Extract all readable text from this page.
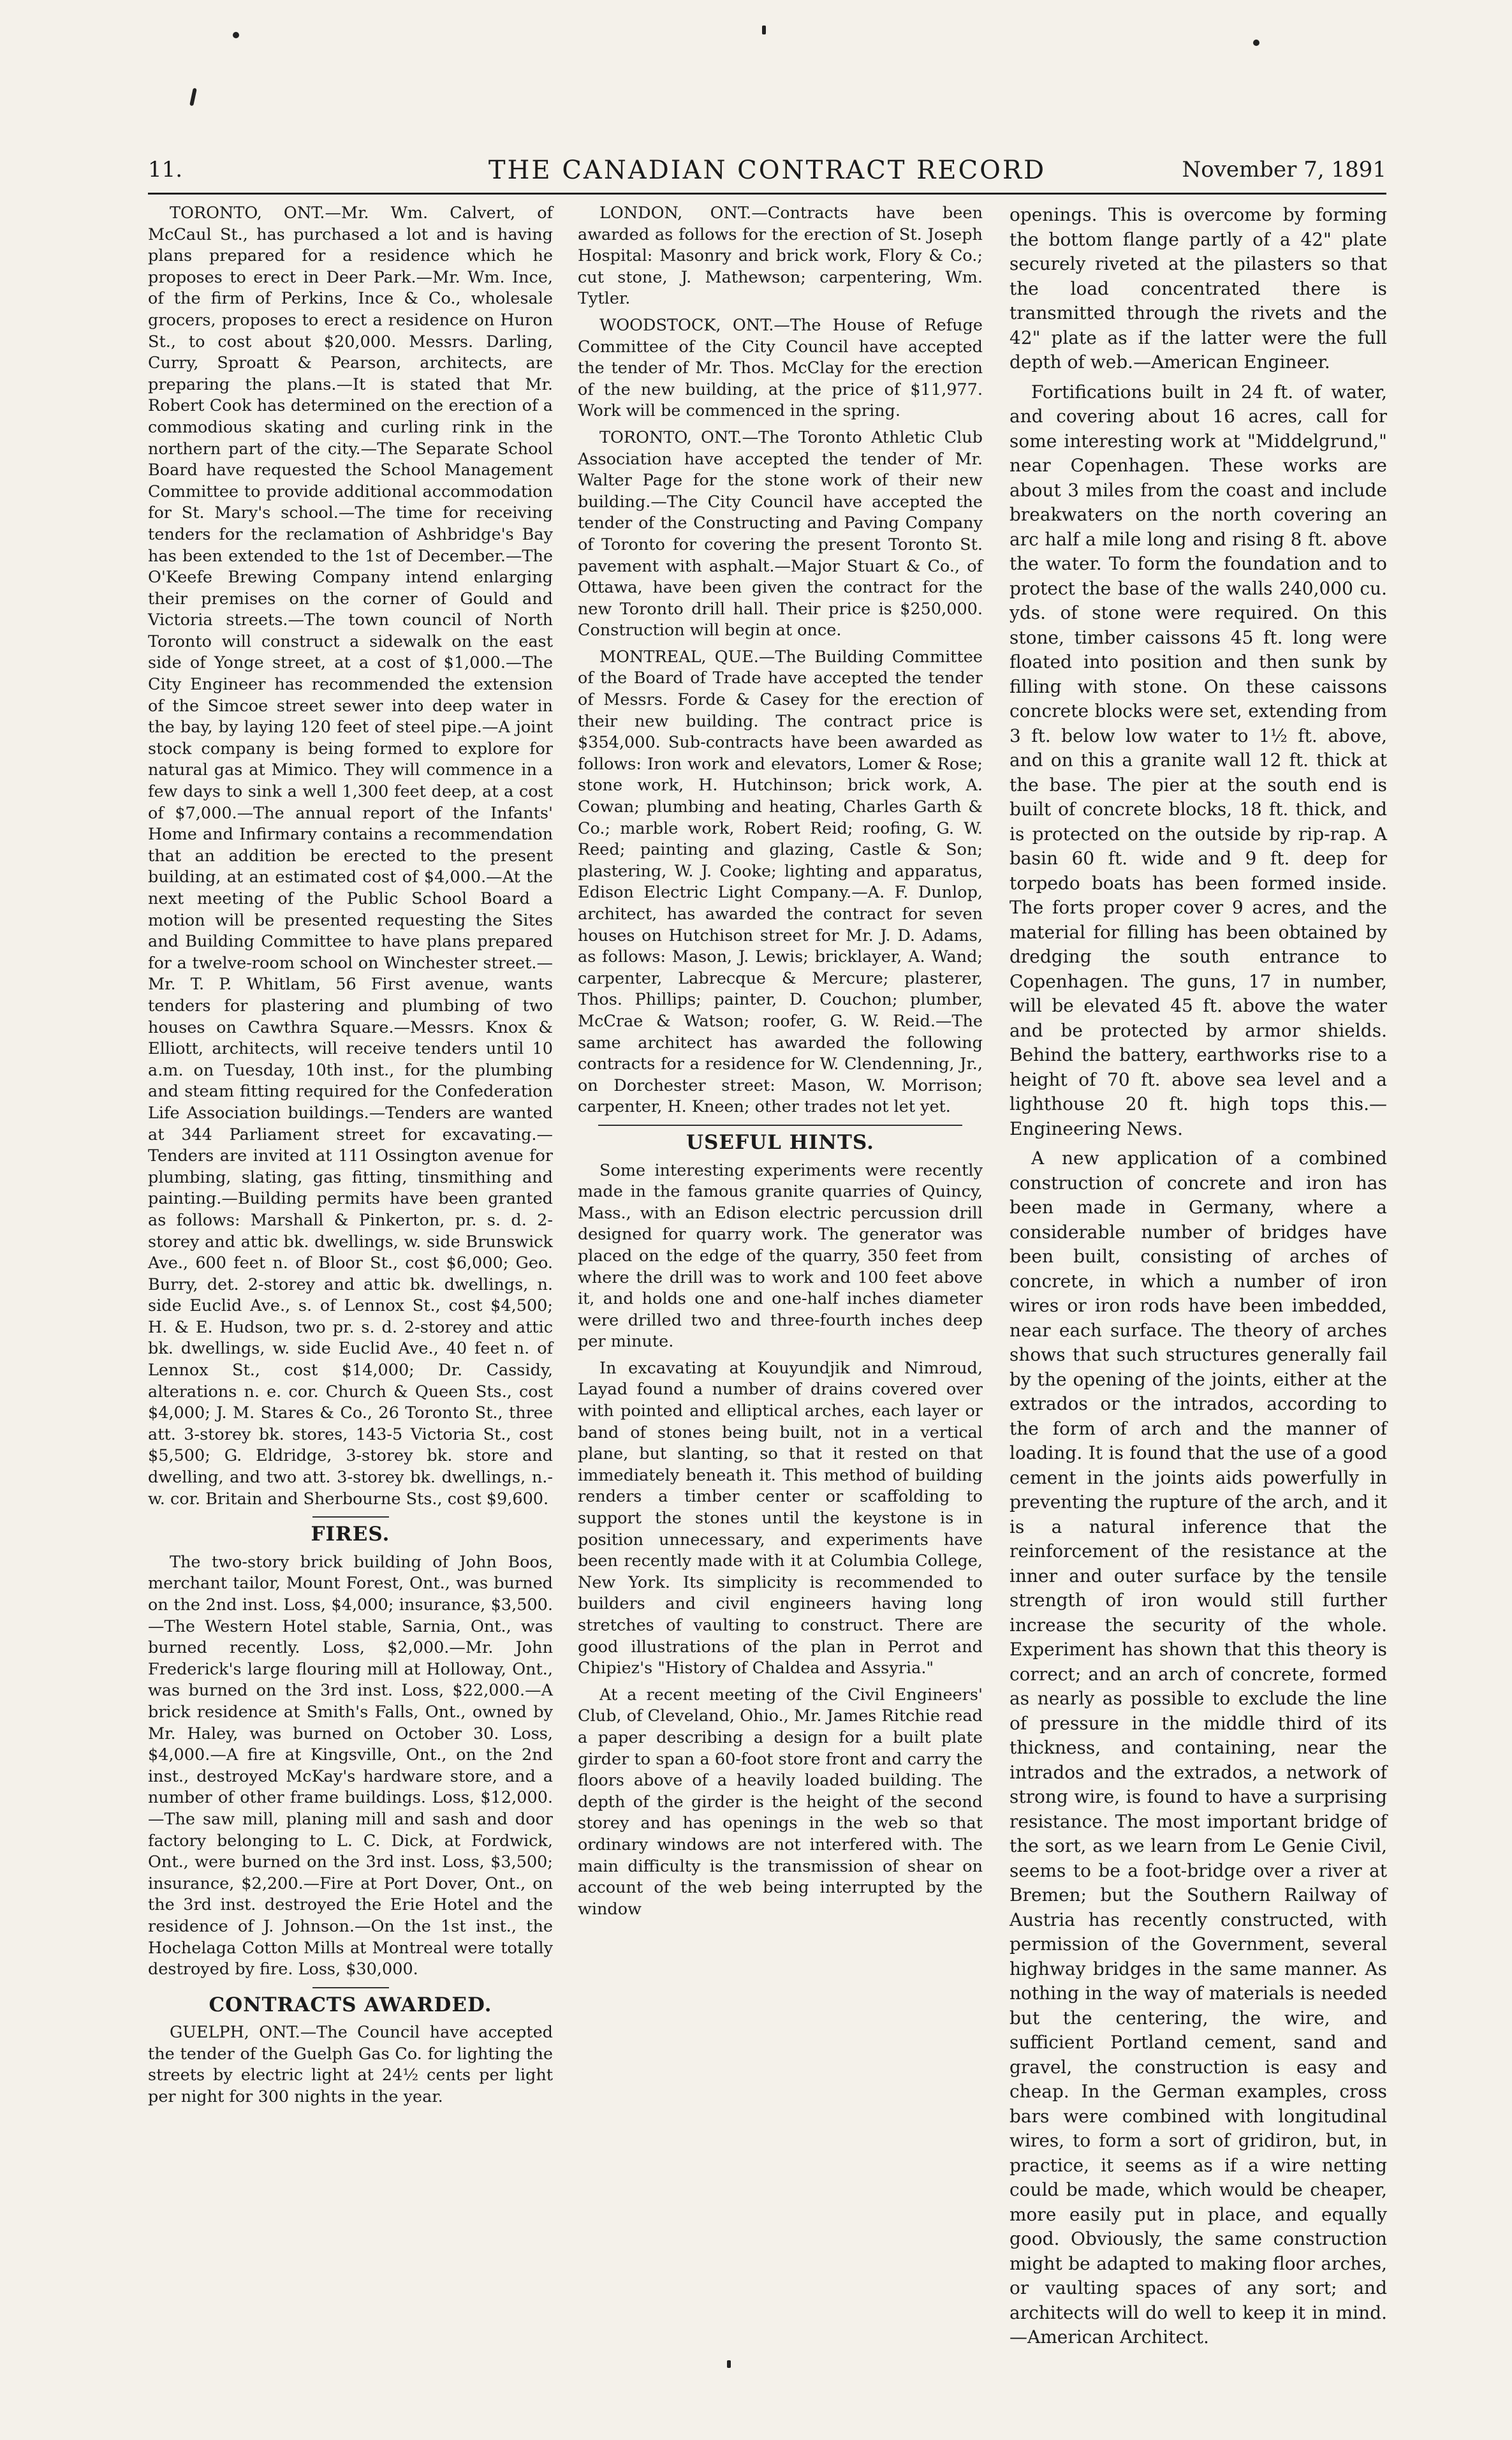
11.	THE CANADIAN CONTRACT RECORD	November 7, 1891

TORONTO, ONT.—Mr. Wm. Calvert, of McCaul St., has purchased a lot and is having plans prepared for a residence which he proposes to erect in Deer Park.—Mr. Wm. Ince, of the firm of Perkins, Ince & Co., wholesale grocers, proposes to erect a residence on Huron St., to cost about $20,000. Messrs. Darling, Curry, Sproatt & Pearson, architects, are preparing the plans.—It is stated that Mr. Robert Cook has determined on the erection of a commodious skating and curling rink in the northern part of the city.—The Separate School Board have requested the School Management Committee to provide additional accommodation for St. Mary's school.—The time for receiving tenders for the reclamation of Ashbridge's Bay has been extended to the 1st of December.—The O'Keefe Brewing Company intend enlarging their premises on the corner of Gould and Victoria streets.—The town council of North Toronto will construct a sidewalk on the east side of Yonge street, at a cost of $1,000.—The City Engineer has recommended the extension of the Simcoe street sewer into deep water in the bay, by laying 120 feet of steel pipe.—A joint stock company is being formed to explore for natural gas at Mimico. They will commence in a few days to sink a well 1,300 feet deep, at a cost of $7,000.—The annual report of the Infants' Home and Infirmary contains a recommendation that an addition be erected to the present building, at an estimated cost of $4,000.—At the next meeting of the Public School Board a motion will be presented requesting the Sites and Building Committee to have plans prepared for a twelve-room school on Winchester street.—Mr. T. P. Whitlam, 56 First avenue, wants tenders for plastering and plumbing of two houses on Cawthra Square.—Messrs. Knox & Elliott, architects, will receive tenders until 10 a.m. on Tuesday, 10th inst., for the plumbing and steam fitting required for the Confederation Life Association buildings.—Tenders are wanted at 344 Parliament street for excavating.—Tenders are invited at 111 Ossington avenue for plumbing, slating, gas fitting, tinsmithing and painting.—Building permits have been granted as follows: Marshall & Pinkerton, pr. s. d. 2-storey and attic bk. dwellings, w. side Brunswick Ave., 600 feet n. of Bloor St., cost $6,000; Geo. Burry, det. 2-storey and attic bk. dwellings, n. side Euclid Ave., s. of Lennox St., cost $4,500; H. & E. Hudson, two pr. s. d. 2-storey and attic bk. dwellings, w. side Euclid Ave., 40 feet n. of Lennox St., cost $14,000; Dr. Cassidy, alterations n. e. cor. Church & Queen Sts., cost $4,000; J. M. Stares & Co., 26 Toronto St., three att. 3-storey bk. stores, 143-5 Victoria St., cost $5,500; G. Eldridge, 3-storey bk. store and dwelling, and two att. 3-storey bk. dwellings, n.-w. cor. Britain and Sherbourne Sts., cost $9,600.

FIRES.

The two-story brick building of John Boos, merchant tailor, Mount Forest, Ont., was burned on the 2nd inst. Loss, $4,000; insurance, $3,500.—The Western Hotel stable, Sarnia, Ont., was burned recently. Loss, $2,000.—Mr. John Frederick's large flouring mill at Holloway, Ont., was burned on the 3rd inst. Loss, $22,000.—A brick residence at Smith's Falls, Ont., owned by Mr. Haley, was burned on October 30. Loss, $4,000.—A fire at Kingsville, Ont., on the 2nd inst., destroyed McKay's hardware store, and a number of other frame buildings. Loss, $12,000.—The saw mill, planing mill and sash and door factory belonging to L. C. Dick, at Fordwick, Ont., were burned on the 3rd inst. Loss, $3,500; insurance, $2,200.—Fire at Port Dover, Ont., on the 3rd inst. destroyed the Erie Hotel and the residence of J. Johnson.—On the 1st inst., the Hochelaga Cotton Mills at Montreal were totally destroyed by fire. Loss, $30,000.

CONTRACTS AWARDED.

GUELPH, ONT.—The Council have accepted the tender of the Guelph Gas Co. for lighting the streets by electric light at 24½ cents per light per night for 300 nights in the year.

LONDON, ONT.—Contracts have been awarded as follows for the erection of St. Joseph Hospital: Masonry and brick work, Flory & Co.; cut stone, J. Mathewson; carpentering, Wm. Tytler.

WOODSTOCK, ONT.—The House of Refuge Committee of the City Council have accepted the tender of Mr. Thos. McClay for the erection of the new building, at the price of $11,977. Work will be commenced in the spring.

TORONTO, ONT.—The Toronto Athletic Club Association have accepted the tender of Mr. Walter Page for the stone work of their new building.—The City Council have accepted the tender of the Constructing and Paving Company of Toronto for covering the present Toronto St. pavement with asphalt.—Major Stuart & Co., of Ottawa, have been given the contract for the new Toronto drill hall. Their price is $250,000. Construction will begin at once.

MONTREAL, QUE.—The Building Committee of the Board of Trade have accepted the tender of Messrs. Forde & Casey for the erection of their new building. The contract price is $354,000. Sub-contracts have been awarded as follows: Iron work and elevators, Lomer & Rose; stone work, H. Hutchinson; brick work, A. Cowan; plumbing and heating, Charles Garth & Co.; marble work, Robert Reid; roofing, G. W. Reed; painting and glazing, Castle & Son; plastering, W. J. Cooke; lighting and apparatus, Edison Electric Light Company.—A. F. Dunlop, architect, has awarded the contract for seven houses on Hutchison street for Mr. J. D. Adams, as follows: Mason, J. Lewis; bricklayer, A. Wand; carpenter, Labrecque & Mercure; plasterer, Thos. Phillips; painter, D. Couchon; plumber, McCrae & Watson; roofer, G. W. Reid.—The same architect has awarded the following contracts for a residence for W. Clendenning, Jr., on Dorchester street: Mason, W. Morrison; carpenter, H. Kneen; other trades not let yet.

USEFUL HINTS.

Some interesting experiments were recently made in the famous granite quarries of Quincy, Mass., with an Edison electric percussion drill designed for quarry work. The generator was placed on the edge of the quarry, 350 feet from where the drill was to work and 100 feet above it, and holds one and one-half inches diameter were drilled two and three-fourth inches deep per minute.

In excavating at Kouyundjik and Nimroud, Layad found a number of drains covered over with pointed and elliptical arches, each layer or band of stones being built, not in a vertical plane, but slanting, so that it rested on that immediately beneath it. This method of building renders a timber center or scaffolding to support the stones until the keystone is in position unnecessary, and experiments have been recently made with it at Columbia College, New York. Its simplicity is recommended to builders and civil engineers having long stretches of vaulting to construct. There are good illustrations of the plan in Perrot and Chipiez's "History of Chaldea and Assyria."

At a recent meeting of the Civil Engineers' Club, of Cleveland, Ohio., Mr. James Ritchie read a paper describing a design for a built plate girder to span a 60-foot store front and carry the floors above of a heavily loaded building. The depth of the girder is the height of the second storey and has openings in the web so that ordinary windows are not interfered with. The main difficulty is the transmission of shear on account of the web being interrupted by the window

openings. This is overcome by forming the bottom flange partly of a 42" plate securely riveted at the pilasters so that the load concentrated there is transmitted through the rivets and the 42" plate as if the latter were the full depth of web.—American Engineer.

Fortifications built in 24 ft. of water, and covering about 16 acres, call for some interesting work at "Middelgrund," near Copenhagen. These works are about 3 miles from the coast and include breakwaters on the north covering an arc half a mile long and rising 8 ft. above the water. To form the foundation and to protect the base of the walls 240,000 cu. yds. of stone were required. On this stone, timber caissons 45 ft. long were floated into position and then sunk by filling with stone. On these caissons concrete blocks were set, extending from 3 ft. below low water to 1½ ft. above, and on this a granite wall 12 ft. thick at the base. The pier at the south end is built of concrete blocks, 18 ft. thick, and is protected on the outside by rip-rap. A basin 60 ft. wide and 9 ft. deep for torpedo boats has been formed inside. The forts proper cover 9 acres, and the material for filling has been obtained by dredging the south entrance to Copenhagen. The guns, 17 in number, will be elevated 45 ft. above the water and be protected by armor shields. Behind the battery, earthworks rise to a height of 70 ft. above sea level and a lighthouse 20 ft. high tops this.—Engineering News.

A new application of a combined construction of concrete and iron has been made in Germany, where a considerable number of bridges have been built, consisting of arches of concrete, in which a number of iron wires or iron rods have been imbedded, near each surface. The theory of arches shows that such structures generally fail by the opening of the joints, either at the extrados or the intrados, according to the form of arch and the manner of loading. It is found that the use of a good cement in the joints aids powerfully in preventing the rupture of the arch, and it is a natural inference that the reinforcement of the resistance at the inner and outer surface by the tensile strength of iron would still further increase the security of the whole. Experiment has shown that this theory is correct; and an arch of concrete, formed as nearly as possible to exclude the line of pressure in the middle third of its thickness, and containing, near the intrados and the extrados, a network of strong wire, is found to have a surprising resistance. The most important bridge of the sort, as we learn from Le Genie Civil, seems to be a foot-bridge over a river at Bremen; but the Southern Railway of Austria has recently constructed, with permission of the Government, several highway bridges in the same manner. As nothing in the way of materials is needed but the centering, the wire, and sufficient Portland cement, sand and gravel, the construction is easy and cheap. In the German examples, cross bars were combined with longitudinal wires, to form a sort of gridiron, but, in practice, it seems as if a wire netting could be made, which would be cheaper, more easily put in place, and equally good. Obviously, the same construction might be adapted to making floor arches, or vaulting spaces of any sort; and architects will do well to keep it in mind.—American Architect.
